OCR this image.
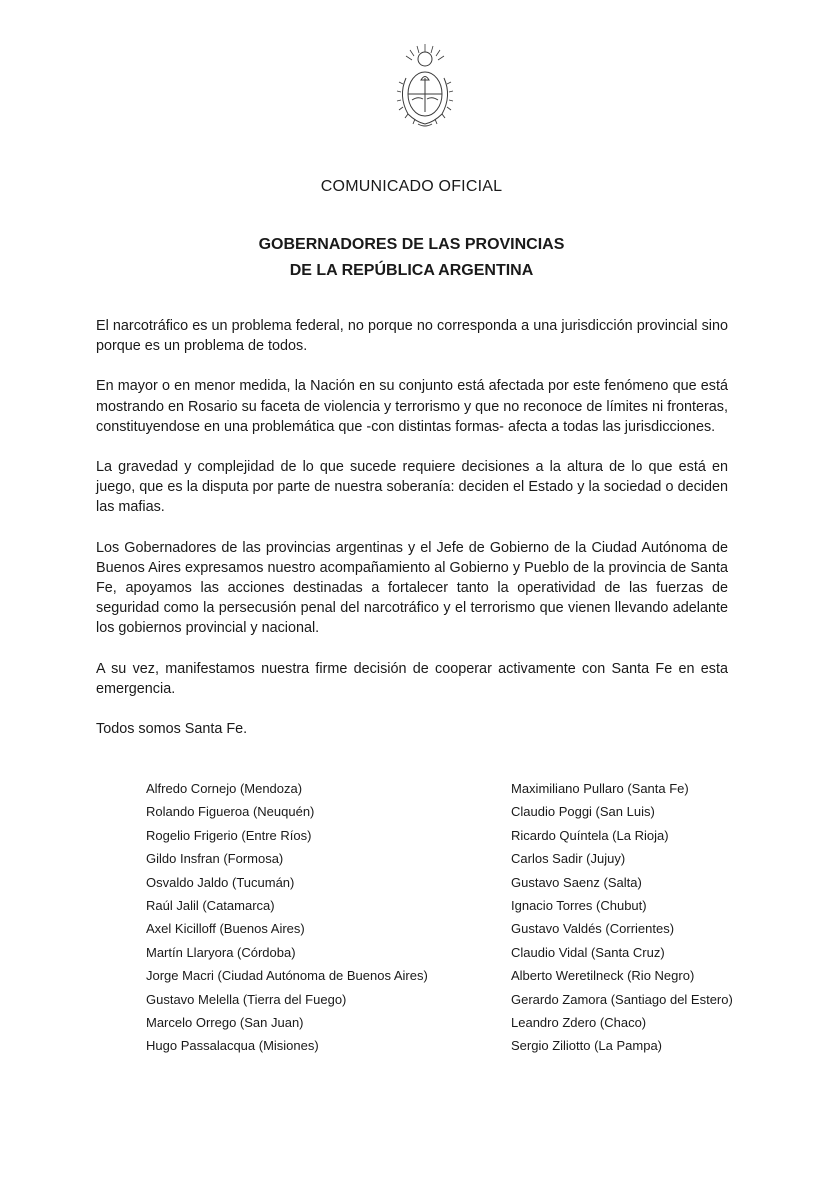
COMUNICADO OFICIAL
GOBERNADORES DE LAS PROVINCIAS
DE LA REPÚBLICA ARGENTINA

El narcotráfico es un problema federal, no porque no corresponda a una jurisdicción provincial sino porque es un problema de todos.

En mayor o en menor medida, la Nación en su conjunto está afectada por este fenómeno que está mostrando en Rosario su faceta de violencia y terrorismo y que no reconoce de límites ni fronteras, constituyendose en una problemática que -con distintas formas- afecta a todas las jurisdicciones.

La gravedad y complejidad de lo que sucede requiere decisiones a la altura de lo que está en juego, que es la disputa por parte de nuestra soberanía: deciden el Estado y la sociedad o deciden las mafias.

Los Gobernadores de las provincias argentinas y el Jefe de Gobierno de la Ciudad Autónoma de Buenos Aires expresamos nuestro acompañamiento al Gobierno y Pueblo de la provincia de Santa Fe, apoyamos las acciones destinadas a fortalecer tanto la operatividad de las fuerzas de seguridad como la persecusión penal del narcotráfico y el terrorismo que vienen llevando adelante los gobiernos provincial y nacional.

A su vez, manifestamos nuestra firme decisión de cooperar activamente con Santa Fe en esta emergencia.

Todos somos Santa Fe.

Alfredo Cornejo (Mendoza)
Rolando Figueroa (Neuquén)
Rogelio Frigerio (Entre Ríos)
Gildo Insfran (Formosa)
Osvaldo Jaldo (Tucumán)
Raúl Jalil (Catamarca)
Axel Kicilloff (Buenos Aires)
Martín Llaryora (Córdoba)
Jorge Macri (Ciudad Autónoma de Buenos Aires)
Gustavo Melella (Tierra del Fuego)
Marcelo Orrego (San Juan)
Hugo Passalacqua (Misiones)
Maximiliano Pullaro (Santa Fe)
Claudio Poggi (San Luis)
Ricardo Quíntela (La Rioja)
Carlos Sadir (Jujuy)
Gustavo Saenz (Salta)
Ignacio Torres (Chubut)
Gustavo Valdés (Corrientes)
Claudio Vidal (Santa Cruz)
Alberto Weretilneck (Rio Negro)
Gerardo Zamora (Santiago del Estero)
Leandro Zdero (Chaco)
Sergio Ziliotto (La Pampa)
